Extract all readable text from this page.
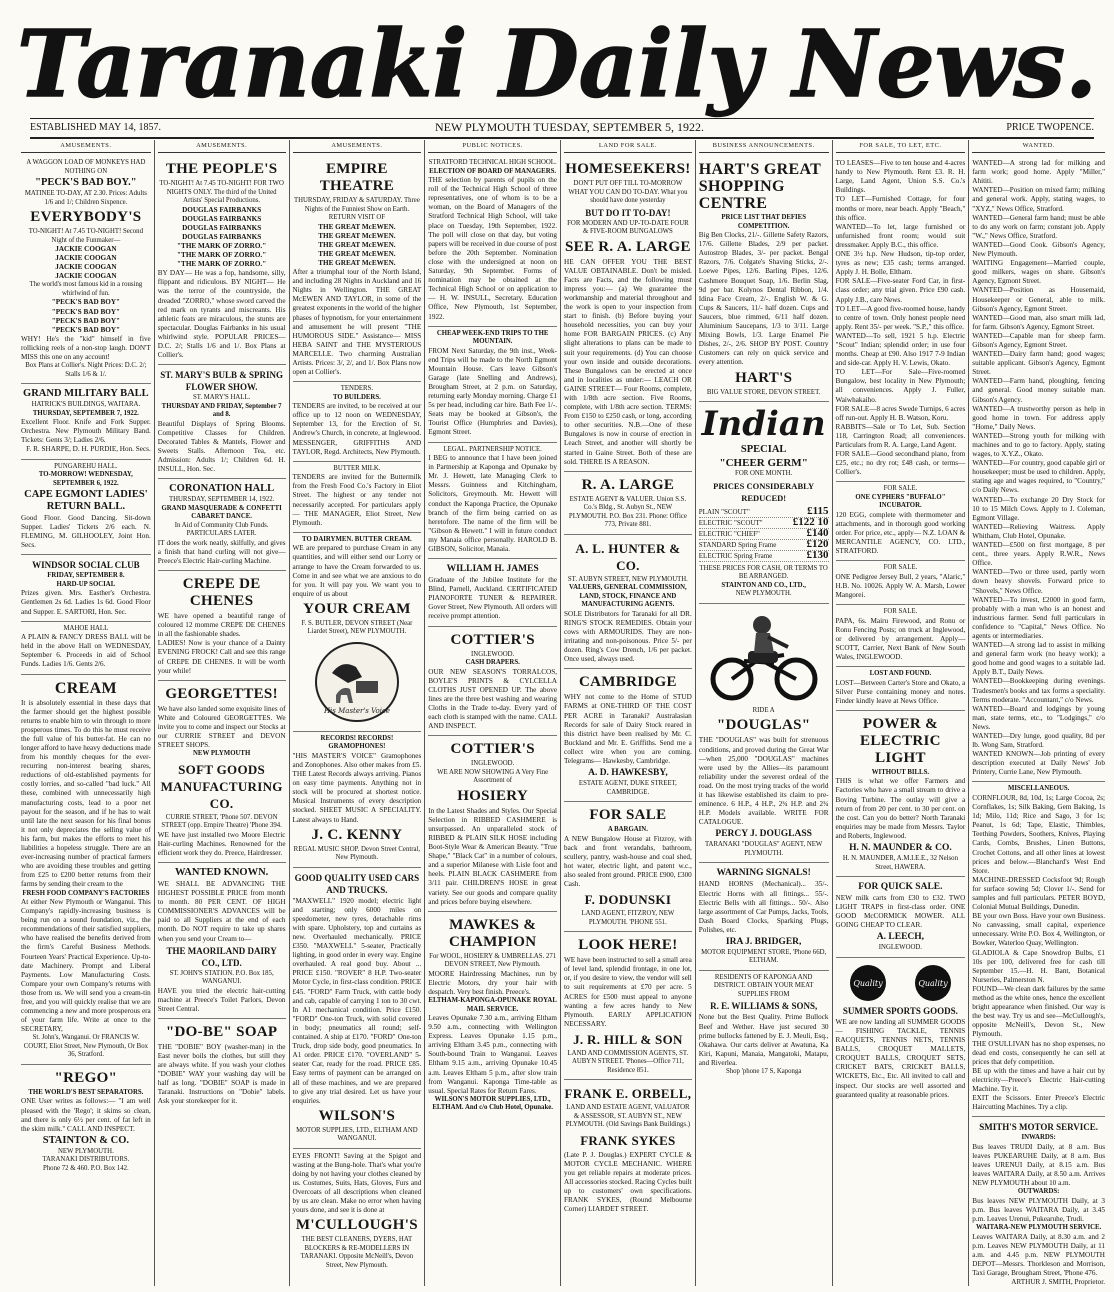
Taranaki Daily News.
ESTABLISHED MAY 14, 1857.	NEW PLYMOUTH TUESDAY, SEPTEMBER 5, 1922.	PRICE TWOPENCE.
AMUSEMENTS.
A WAGGON LOAD OF MONKEYS HAD NOTHING ON
"PECK'S BAD BOY."
MATINEE TO-DAY, AT 2.30. Prices: Adults 1/6 and 1/; Children Sixpence.
EVERYBODY'S
TO-NIGHT! At 7.45 TO-NIGHT! Second Night of the Funmaker—
JACKIE COOGAN
JACKIE COOGAN
JACKIE COOGAN
JACKIE COOGAN
The world's most famous kid in a rousing whirlwind of fun.
"PECK'S BAD BOY"
"PECK'S BAD BOY"
"PECK'S BAD BOY"
"PECK'S BAD BOY"
WHY! He's the "kid" himself in five rollicking reels of a non-stop laugh. DON'T MISS this one on any account!
Box Plans at Collier's. Night Prices: D.C. 2/; Stalls 1/6 & 1/.
GRAND MILITARY BALL
HATRICK'S BUILDINGS, WAITARA.
THURSDAY, SEPTEMBER 7, 1922.
Excellent Floor. Knife and Fork Supper. Orchestra. New Plymouth Military Band. Tickets: Gents 3/; Ladies 2/6.
F. R. SHARPE, D. H. PURDIE, Hon. Secs.
PUNGAREHU HALL.
TO-MORROW! WEDNESDAY, SEPTEMBER 6, 1922.
CAPE EGMONT LADIES' RETURN BALL.
Good Floor. Good Dancing. Sit-down Supper. Ladies' Tickets 2/6 each. N. FLEMING, M. GILHOOLEY, Joint Hon. Secs.
WINDSOR SOCIAL CLUB
FRIDAY, SEPTEMBER 8.
HARD-UP SOCIAL
Prizes given. Mrs. Easther's Orchestra. Gentlemen 2s 6d. Ladies 1s 6d. Good Floor and Supper. E. SARTORI, Hon. Sec.
MAHOE HALL
A PLAIN & FANCY DRESS BALL will be held in the above Hall on WEDNESDAY, September 6. Proceeds in aid of School Funds. Ladies 1/6. Gents 2/6.
CREAM
It is absolutely essential in these days that the farmer should get the highest possible returns to enable him to win through to more prosperous times. To do this he must receive the full value of his butter-fat. He can no longer afford to have heavy deductions made from his monthly cheques for the ever-recurring non-interest bearing shares, reductions of old-established payments for costly lorries, and so-called "bad luck." All these, combined with unnecessarily high manufacturing costs, lead to a poor net payout for the season, and if he has to wait until late the next season for his final bonus it not only depreciates the selling value of his farm, but makes the efforts to meet his liabilities a hopeless struggle. There are an ever-increasing number of practical farmers who are avoiding these troubles and getting from £25 to £200 better returns from their farms by sending their cream to the
FRESH FOOD COMPANY'S FACTORIES
At either New Plymouth or Wanganui. This Company's rapidly-increasing business is being run on a sound foundation, viz., the recommendations of their satisfied suppliers, who have realised the benefits derived from the firm's Careful Business Methods. Fourteen Years' Practical Experience. Up-to-date Machinery. Prompt and Liberal Payments. Low Manufacturing Costs. Compare your own Company's returns with those from us. We will send you a cream-tin free, and you will quickly realise that we are commencing a new and more prosperous era of your farm life. Write at once to the SECRETARY,
St. John's, Wanganui. Or FRANCIS W. COURT, Eliot Street, New Plymouth, Or Box 36, Stratford.
"REGO"
THE WORLD'S BEST SEPARATORS.
ONE User writes as follows:— "I am well pleased with the 'Rego'; it skims so clean, and there is only 6½ per cent. of fat left in the skim milk." CALL AND INSPECT.
STAINTON & CO.
NEW PLYMOUTH.
TARANAKI DISTRIBUTORS.
Phone 72 & 460. P.O. Box 142.
AMUSEMENTS.
THE PEOPLE'S
TO-NIGHT! At 7.45 TO-NIGHT! FOR TWO NIGHTS ONLY. The third of the United Artists' Special Productions.
DOUGLAS FAIRBANKS
DOUGLAS FAIRBANKS
DOUGLAS FAIRBANKS
DOUGLAS FAIRBANKS
"THE MARK OF ZORRO."
"THE MARK OF ZORRO."
"THE MARK OF ZORRO."
BY DAY— He was a fop, handsome, silly, flippant and ridiculous. BY NIGHT— He was the terror of the countryside, the dreaded "ZORRO," whose sword carved the red mark on tyrants and miscreants. His athletic feats are miraculous, the stunts are spectacular. Douglas Fairbanks in his usual whirlwind style. POPULAR PRICES—D.C. 2/; Stalls 1/6 and 1/. Box Plans at Collier's.
ST. MARY'S BULB & SPRING FLOWER SHOW.
ST. MARY'S HALL.
THURSDAY AND FRIDAY, September 7 and 8.
Beautiful Displays of Spring Blooms. Competitive Classes for Children. Decorated Tables & Mantels, Flower and Sweets Stalls. Afternoon Tea, etc. Admission: Adults 1/; Children 6d. H. INSULL, Hon. Sec.
CORONATION HALL
THURSDAY, SEPTEMBER 14, 1922.
GRAND MASQUERADE & CONFETTI CABARET DANCE.
In Aid of Community Club Funds. PARTICULARS LATER.
IT does the work neatly, skilfully, and gives a finish that hand curling will not give—Preece's Electric Hair-curling Machine.
CREPE DE CHENES
WE have opened a beautiful range of coloured 12 momme CREPE DE CHENES in all the fashionable shades.
LADIES! Now is your chance of a Dainty EVENING FROCK! Call and see this range of CREPE DE CHENES. It will be worth your while!
GEORGETTES!
We have also landed some exquisite lines of White and Coloured GEORGETTES. We invite you to come and inspect our Stocks at our CURRIE STREET and DEVON STREET SHOPS.
NEW PLYMOUTH
SOFT GOODS MANUFACTURING CO.
CURRIE STREET, 'Phone 507. DEVON STREET (opp. Empire Theatre) 'Phone 394.
WE have just installed two Moore Electric Hair-curling Machines. Renowned for the efficient work they do. Preece, Hairdresser.
WANTED KNOWN.
WE SHALL BE ADVANCING THE HIGHEST POSSIBLE PRICE from month to month. 80 PER CENT. OF HIGH COMMISSIONER'S ADVANCES will be paid to all Suppliers at the end of each month. Do NOT require to take up shares when you send your Cream to—
THE MAORILAND DAIRY CO., LTD.
ST. JOHN'S STATION. P.O. Box 185, WANGANUI.
HAVE you tried the electric hair-cutting machine at Preece's Toilet Parlors, Devon Street Central.
"DO-BE" SOAP
THE "DOBIE" BOY (washer-man) in the East never boils the clothes, but still they are always white. If you wash your clothes "DOBIE" WAY your washing day will be half as long. "DOBIE" SOAP is made in Taranaki. Instructions on "Dobie" labels. Ask your storekeeper for it.
AMUSEMENTS.
EMPIRE THEATRE
THURSDAY, FRIDAY & SATURDAY. Three Nights of the Funniest Show on Earth. RETURN VISIT OF
THE GREAT McEWEN.
THE GREAT McEWEN.
THE GREAT McEWEN.
THE GREAT McEWEN.
THE GREAT McEWEN.
After a triumphal tour of the North Island, and including 28 Nights in Auckland and 16 Nights in Wellington. THE GREAT McEWEN AND TAYLOR, in some of the greatest exponents in the world of the higher phases of hypnotism, for your entertainment and amusement he will present "THE HUMOROUS SIDE." Assistance— MISS HEBA SAINT and THE MYSTERIOUS MARCELLE. Two charming Australian Artists. Prices: 3/, 2/, and 1/. Box Plans now open at Collier's.
TENDERS.
TO BUILDERS.
TENDERS are invited, to be received at our office up to 12 noon on WEDNESDAY, September 13, for the Erection of St. Andrew's Church, in concrete, at Inglewood. MESSENGER, GRIFFITHS AND TAYLOR, Regd. Architects, New Plymouth.
BUTTER MILK.
TENDERS are invited for the Buttermilk from the Fresh Food Co.'s Factory in Eliot Street. The highest or any tender not necessarily accepted. For particulars apply— THE MANAGER, Eliot Street, New Plymouth.
TO DAIRYMEN. BUTTER CREAM.
WE are prepared to purchase Cream in any quantities, and will either send our Lorry or arrange to have the Cream forwarded to us. Come in and see what we are anxious to do for you. It will pay you. We want you to enquire of us about
YOUR CREAM
F. S. BUTLER, DEVON STREET (Near Liardet Street), NEW PLYMOUTH.
His Master's Voice
RECORDS! RECORDS! GRAMOPHONES!
"HIS MASTER'S VOICE" Gramophones and Zonophones. Also other makes from £5. THE Latest Records always arriving. Pianos on easy time payments. Anything not in stock will be procured at shortest notice. Musical Instruments of every description stocked. SHEET MUSIC A SPECIALITY. Latest always to Hand.
J. C. KENNY
REGAL MUSIC SHOP. Devon Street Central, New Plymouth.
GOOD QUALITY USED CARS AND TRUCKS.
"MAXWELL" 1920 model; electric light and starting; only 6000 miles on speedometer, new tyres, detachable rims with spare. Upholstery, top and curtains as new. Overhauled mechanically. PRICE £350. "MAXWELL" 5-seater, Practically lighting, in good order in every way. Engine overhauled. A real good buy. About ... PRICE £150. "ROVER" 8 H.P. Two-seater Motor Cycle, in first-class condition. PRICE £45. "FORD" Farm Truck, with cattle body and cab, capable of carrying 1 ton to 30 cwt. In A1 mechanical condition. Price £150. "FORD" One-ton Truck, with solid covered in body; pneumatics all round; self-contained. A ship at £170. "FORD" One-ton Truck, drop side body, good pneumatics. In A1 order. PRICE £170. "OVERLAND" 5-seater Car, ready for the road. PRICE £85. Easy terms of payment can be arranged on all of these machines, and we are prepared to give any trial desired. Let us have your enquiries.
WILSON'S
MOTOR SUPPLIES, LTD., ELTHAM AND WANGANUI.
EYES FRONT! Saving at the Spigot and wasting at the Bung-hole. That's what you're doing by not having your clothes cleaned by us. Costumes, Suits, Hats, Gloves, Furs and Overcoats of all descriptions when cleaned by us are clean. Make no error when having yours done, and see it is done at
M'CULLOUGH'S
THE BEST CLEANERS, DYERS, HAT BLOCKERS & RE-MODELLERS IN TARANAKI. Opposite McNeill's, Devon Street, New Plymouth.
PUBLIC NOTICES.
STRATFORD TECHNICAL HIGH SCHOOL.
ELECTION OF BOARD OF MANAGERS.
THE selection by parents of pupils on the roll of the Technical High School of three representatives, one of whom is to be a woman, on the Board of Managers of the Stratford Technical High School, will take place on Tuesday, 19th September, 1922. The poll will close on that day, but voting papers will be received in due course of post before the 20th September. Nomination close with the undersigned at noon on Saturday, 9th September. Forms of nomination may be obtained at the Technical High School or on application to— H. W. INSULL, Secretary. Education Office, New Plymouth, 1st September, 1922.
CHEAP WEEK-END TRIPS TO THE MOUNTAIN.
FROM Next Saturday, the 9th inst., Week-end Trips will be made to the North Egmont Mountain House. Cars leave Gibson's Garage (late Snelling and Andrews), Brougham Street, at 2 p.m. on Saturday, returning early Monday morning. Charge £1 5s per head, including car hire. Bath Fee 1/-. Seats may be booked at Gibson's, the Tourist Office (Humphries and Davies), Egmont Street.
LEGAL. PARTNERSHIP NOTICE.
I BEG to announce that I have been joined in Partnership at Kaponga and Opunake by Mr. J. Hewett, late Managing Clerk to Messrs. Guinness and Kitchingham, Solicitors, Greymouth. Mr. Hewett will conduct the Kaponga Practice, the Opunake branch of the firm being carried on as heretofore. The name of the firm will be "Gibson & Hewett." I will in future conduct my Manaia office personally. HAROLD B. GIBSON, Solicitor, Manaia.
WILLIAM H. JAMES
Graduate of the Jubilee Institute for the Blind, Parnell, Auckland. CERTIFICATED PIANOFORTE TUNER & REPAIRER. Gover Street, New Plymouth. All orders will receive prompt attention.
COTTIER'S
INGLEWOOD.
CASH DRAPERS.
OUR NEW SEASON'S TORRALCOS, BOYLE'S PRINTS & CYLCELLA CLOTHS JUST OPENED UP. The above lines are the three best washing and wearing Cloths in the Trade to-day. Every yard of each cloth is stamped with the name. CALL AND INSPECT.
COTTIER'S
INGLEWOOD.
WE ARE NOW SHOWING A Very Fine Assortment of
HOSIERY
In the Latest Shades and Styles. Our Special Selection in RIBBED CASHMERE is unsurpassed. An unparalleled stock of RIBBED & PLAIN SILK HOSE including Boot-Style Wear & American Beauty. "True Shape," "Black Cat" in a number of colours, and a superior Milanese with Lisle foot and heels. PLAIN BLACK CASHMERE from 3/11 pair. CHILDREN'S HOSE in great variety. See our goods and compare quality and prices before buying elsewhere.
MAWKES & CHAMPION
For WOOL, HOSIERY & UMBRELLAS. 271 DEVON STREET, New Plymouth.
MOORE Hairdressing Machines, run by Electric Motors, dry your hair with despatch. Very best finish. Preece's.
ELTHAM-KAPONGA-OPUNAKE ROYAL MAIL SERVICE.
Leaves Opunake 7.30 a.m., arriving Eltham 9.50 a.m., connecting with Wellington Express. Leaves Opunake 1.15 p.m., arriving Eltham 3.45 p.m., connecting with South-bound Train to Wanganui. Leaves Eltham 9.15 a.m., arriving Opunake 10.45 a.m. Leaves Eltham 5 p.m., after slow train from Wanganui. Kaponga Time-table as usual. Special Rates for Return Fares.
WILSON'S MOTOR SUPPLIES, LTD., ELTHAM. And c/o Club Hotel, Opunake.
LAND FOR SALE.
HOMESEEKERS!
DON'T PUT OFF TILL TO-MORROW WHAT YOU CAN DO TO-DAY. What you should have done yesterday
BUT DO IT TO-DAY!
FOR MODERN AND UP-TO-DATE FOUR & FIVE-ROOM BUNGALOWS
SEE R. A. LARGE
HE CAN OFFER YOU THE BEST VALUE OBTAINABLE. Don't be misled. Facts are Facts, and the following must impress you:— (a) We guarantee the workmanship and material throughout and the work is open to your inspection from start to finish. (b) Before buying your household necessities, you can buy your home FOR BARGAIN PRICES. (c) Any slight alterations to plans can be made to suit your requirements. (d) You can choose your own inside and outside decorations. These Bungalows can be erected at once and in localities as under:— LEACH OR GAINE STREET— Four Rooms, complete, with 1/8th acre section. Five Rooms, complete, with 1/8th acre section. TERMS: From £150 to £250 cash, or long, according to other securities. N.B.—One of these Bungalows is now in course of erection in Leach Street, and another will shortly be started in Gaine Street. Both of these are sold. THERE IS A REASON.
R. A. LARGE
ESTATE AGENT & VALUER. Union S.S. Co.'s Bldg., St. Aubyn St., NEW PLYMOUTH. P.O. Box 231. Phone: Office 773, Private 881.
A. L. HUNTER & CO.
ST. AUBYN STREET, NEW PLYMOUTH.
VALUERS, GENERAL COMMISSION, LAND, STOCK, FINANCE AND MANUFACTURING AGENTS.
SOLE Distributors for Taranaki for all DR. RING'S STOCK REMEDIES. Obtain your cows with ARMOURIDS. They are non-irritating and non-poisonous. Price 5/- per dozen. Ring's Cow Drench, 1/6 per packet. Once used, always used.
CAMBRIDGE
WHY not come to the Home of STUD FARMS at ONE-THIRD OF THE COST PER ACRE in Taranaki? Australasian Records for sale of Dairy Stock reared in this district have been realised by Mr. C. Buckland and Mr. E. Griffiths. Send me a collect wire when you are coming. Telegrams— Hawkesby, Cambridge.
A. D. HAWKESBY,
ESTATE AGENT, DUKE STREET, CAMBRIDGE.
FOR SALE
A BARGAIN.
A NEW Bungalow House at Fitzroy, with back and front verandahs, bathroom, scullery, pantry, wash-house and coal shed, hot water, electric light, and patent w.c., also sealed front ground. PRICE £900, £300 Cash.
F. DODUNSKI
LAND AGENT, FITZROY, NEW PLYMOUTH. 'PHONE 551.
LOOK HERE!
WE have been instructed to sell a small area of level land, splendid frontage, in one lot, or, if you desire to view, the vendor will sell to suit requirements at £70 per acre. 5 ACRES for £500 must appeal to anyone wanting a few acres handy to New Plymouth. EARLY APPLICATION NECESSARY.
J. R. HILL & SON
LAND AND COMMISSION AGENTS, ST. AUBYN STREET. 'Phones—Office 711, Residence 851.
FRANK E. ORBELL,
LAND AND ESTATE AGENT, VALUATOR & ASSESSOR, ST. AUBYN ST., NEW PLYMOUTH. (Old Savings Bank Buildings.)
FRANK SYKES
(Late P. J. Douglas.) EXPERT CYCLE & MOTOR CYCLE MECHANIC. WHERE you get reliable repairs at moderate prices. All accessories stocked. Racing Cycles built up to customers' own specifications. FRANK SYKES, (Round Melbourne Corner) LIARDET STREET.
BUSINESS ANNOUNCEMENTS.
HART'S GREAT SHOPPING CENTRE
PRICE LIST THAT DEFIES COMPETITION.
Big Ben Clocks, 21/-. Gillette Safety Razors, 17/6. Gillette Blades, 2/9 per packet. Autostrop Blades, 3/- per packet. Bengal Razors, 7/6. Colgate's Shaving Sticks, 2/-. Loewe Pipes, 12/6. Barling Pipes, 12/6. Cashmere Bouquet Soap, 1/6. Berlin Slag, 9d per bar. Kolynos Dental Ribbon, 1/4. Idina Face Cream, 2/-. English W. & G. Cups & Saucers, 11/- half dozen. Cups and Saucers, blue rimmed, 6/11 half dozen. Aluminium Saucepans, 1/3 to 3/11. Large Mixing Bowls, 1/3. Large Enamel Pie Dishes, 2/-, 2/6. SHOP BY POST. Country Customers can rely on quick service and every attention.
HART'S
BIG VALUE STORE, DEVON STREET.
Indian
SPECIAL
"CHEER GERM"
FOR ONE MONTH.
PRICES CONSIDERABLY REDUCED!
PLAIN "SCOUT"	£115
ELECTRIC "SCOUT"	£122 10
ELECTRIC "CHIEF"	£140
STANDARD Spring Frame	£120
ELECTRIC Spring Frame	£130
THESE PRICES FOR CASH, OR TERMS TO BE ARRANGED.
STAINTON AND CO., LTD.,
NEW PLYMOUTH.
RIDE A
"DOUGLAS"
THE "DOUGLAS" was built for strenuous conditions, and proved during the Great War—when 25,000 "DOUGLAS" machines were used by the Allies—its paramount reliability under the severest ordeal of the road. On the most trying tracks of the world it has likewise established its claim to pre-eminence. 6 H.P., 4 H.P., 2¾ H.P. and 2¾ H.P. Models available. WRITE FOR CATALOGUE.
PERCY J. DOUGLASS
TARANAKI "DOUGLAS" AGENT, NEW PLYMOUTH.
WARNING SIGNALS!
HAND HORNS (Mechanical)... 35/-. Electric Horns with all fittings... 55/-. Electric Bells with all fittings... 50/-. Also large assortment of Car Pumps, Jacks, Tools, Dash Board Clocks, Sparking Plugs, Polishes, etc.
IRA J. BRIDGER,
MOTOR EQUIPMENT STORE, 'Phone 66D, ELTHAM.
RESIDENTS OF KAPONGA AND DISTRICT. OBTAIN YOUR MEAT SUPPLIES FROM
R. E. WILLIAMS & SONS,
None but the Best Quality. Prime Bullock Beef and Wether. Have just secured 30 prime bullocks fattened by E. J. Meuli, Esq., Okahawa. Our carts deliver at Awatuna, Ka Kiri, Kapuni, Manaia, Mangatoki, Matapu, and Riverlea.
Shop 'phone 17 S, Kaponga
FOR SALE, TO LET, ETC.
TO LEASES—Five to ten house and 4-acres handy to New Plymouth. Rent £3. R. H. Large, Land Agent, Union S.S. Co.'s Buildings.
TO LET—Furnished Cottage, for four months or more, near beach. Apply "Beach," this office.
WANTED—To let, large furnished or unfurnished front room; would suit dressmaker. Apply B.C., this office.
ONE 3½ h.p. New Hudson, tip-top order, tyres as new; £35 cash; terms arranged. Apply J. H. Bolle, Eltham.
FOR SALE—Five-seater Ford Car, in first-class order; any trial given. Price £90 cash. Apply J.B., care News.
TO LET—A good five-roomed house, handy to centre of town. Only honest people need apply. Rent 35/- per week. "S.P.," this office.
WANTED—To sell, 1921 5 h.p. Electric "Scout" Indian; splendid order; in use four months. Cheap at £90. Also 1917 7-9 Indian and side-car. Apply H. V. Lewis, Okato.
TO LET—For Sale—Five-roomed Bungalow, best locality in New Plymouth; all conveniences. Apply J. Fuller, Waiwhakaiho.
FOR SALE—8 acres Swede Turnips, 6 acres off run-out. Apply H. B. Watson, Koru.
RABBITS—Sale or To Let, Sub. Section 118, Carrington Road; all conveniences. Particulars from R. A. Large, Land Agent.
FOR SALE—Good secondhand piano, from £25, etc.; no dry rot; £48 cash, or terms—Collier's.
FOR SALE.
ONE CYPHERS "BUFFALO" INCUBATOR.
120 EGG, complete with thermometer and attachments, and in thorough good working order. For price, etc., apply— N.Z. LOAN & MERCANTILE AGENCY, CO. LTD., STRATFORD.
FOR SALE.
ONE Pedigree Jersey Bull, 2 years, "Alaric," H.B. No. 10026. Apply W. A. Marsh, Lower Mangorei.
FOR SALE.
PAPA, 6s. Mairu Firewood, and Ronu or Ronu Fencing Posts; on truck at Inglewood, or delivered by arrangement. Apply— SCOTT, Carrier, Next Bank of New South Wales, INGLEWOOD.
LOST AND FOUND.
LOST—Between Carter's Store and Okato, a Silver Purse containing money and notes. Finder kindly leave at News Office.
POWER & ELECTRIC LIGHT
WITHOUT BILLS.
THIS is what we offer Farmers and Factories who have a small stream to drive a Boving Turbine. The outlay will give a return of from 20 per cent. to 30 per cent. on the cost. Can you do better? North Taranaki enquiries may be made from Messrs. Taylor and Roberts, Inglewood.
H. N. MAUNDER & CO.
H. N. MAUNDER, A.M.I.E.E., 32 Nelson Street, HAWERA.
FOR QUICK SALE.
NEW milk carts from £30 to £32. TWO LIGHT TRAPS in first-class order. ONE GOOD McCORMICK MOWER. ALL GOING CHEAP TO CLEAR.
A. LEECH,
INGLEWOOD.
Quality	Quality
SUMMER SPORTS GOODS.
WE are now landing all SUMMER GOODS— FISHING TACKLE, TENNIS RACQUETS, TENNIS NETS, TENNIS BALLS, CROQUET MALLETS, CROQUET BALLS, CROQUET SETS, CRICKET BATS, CRICKET BALLS, WICKETS, Etc., Etc. All invited to call and inspect. Our stocks are well assorted and guaranteed quality at reasonable prices.
WANTED.
WANTED—A strong lad for milking and farm work; good home. Apply "Miller," Ahititi.
WANTED—Position on mixed farm; milking and general work. Apply, stating wages, to "XYZ," News Office, Stratford.
WANTED—General farm hand; must be able to do any work on farm; constant job. Apply "W.," News Office, Stratford.
WANTED—Good Cook. Gibson's Agency, New Plymouth.
WAITING Engagement—Married couple, good milkers, wages on share. Gibson's Agency, Egmont Street.
WANTED—Position as Housemaid, Housekeeper or General, able to milk. Gibson's Agency, Egmont Street.
WANTED—Good man, also smart milk lad, for farm. Gibson's Agency, Egmont Street.
WANTED—Capable man for sheep farm. Gibson's Agency, Egmont Street.
WANTED—Dairy farm hand; good wages; suitable applicant. Gibson's Agency, Egmont Street.
WANTED—Farm hand, ploughing, fencing and general. Good money suitable man. Gibson's Agency.
WANTED—A trustworthy person as help in good home in town. For address apply "Home," Daily News.
WANTED—Strong youth for milking with machines and to go to factory. Apply, stating wages, to X.Y.Z., Okato.
WANTED—For country, good capable girl or housekeeper; must be used to children. Apply, stating age and wages required, to "Country," c/o Daily News.
WANTED—To exchange 20 Dry Stock for 10 to 15 Milch Cows. Apply to J. Coleman, Egmont Village.
WANTED—Relieving Waitress. Apply Whitham, Club Hotel, Opunake.
WANTED—£500 on first mortgage, 8 per cent., three years. Apply R.W.R., News Office.
WANTED—Two or three used, partly worn down heavy shovels. Forward price to "Shovels," News Office.
WANTED—To invest, £2000 in good farm, probably with a man who is an honest and industrious farmer. Send full particulars in confidence to "Capital," News Office. No agents or intermediaries.
WANTED—A strong lad to assist in milking and general farm work (no heavy work); a good home and good wages to a suitable lad. Apply B.T., Daily News.
WANTED—Bookkeeping during evenings. Tradesmen's books and tax forms a speciality. Terms moderate. "Accountant," c/o News.
WANTED—Board and lodgings by young man, state terms, etc., to "Lodgings," c/o News.
WANTED—Dry lunge, good quality, 8d per lb. Wong Sam, Stratford.
WANTED KNOWN—Job printing of every description executed at Daily News' Job Printery, Currie Lane, New Plymouth.
MISCELLANEOUS.
CORNFLOUR, 8d, 10d, 1s; Large Cocoa, 2s; Cornflakes, 1s; Silk Baking, Gem Baking, 1s 1d; Milo, 11d; Rice and Sago, 3 for 1s; Peanut, 1s 6d; Tape, Elastic, Thimbles, Teething Powders, Soothers, Knives, Playing Cards, Combs, Brushes, Linen Buttons, Crochet Cottons, and all other lines at lowest prices and below.—Blanchard's West End Store.
MACHINE-DRESSED Cocksfoot 9d; Rough for surface sowing 5d; Clover 1/-. Send for samples and full particulars. PETER BOYD, Colonial Mutual Buildings, Dunedin.
BE your own Boss. Have your own Business. No canvassing, small capital, experience unnecessary. Write P.O. Box 4, Wellington, or Bowker, Waterloo Quay, Wellington.
GLADIOLA & Cape Snowdrop Bulbs, £1 10s per 100, delivered free for cash till September 15.—H. H. Bant, Botanical Nurseries, Palmerston N.
FOUND—We clean dark failures by the same method as the white ones, hence the excellent bright appearance when finished. Our way is the best way. Try us and see—McCullough's, opposite McNeill's, Devon St., New Plymouth.
THE O'SULLIVAN has no shop expenses, no dead end costs, consequently he can sell at prices that defy competition.
BE up with the times and have a hair cut by electricity—Preece's Electric Hair-cutting Machine. Try it.
EXIT the Scissors. Enter Preece's Electric Haircutting Machines. Try a clip.
SMITH'S MOTOR SERVICE.
INWARDS:
Bus leaves TRUDI Daily, at 8 a.m. Bus leaves PUKEARUHE Daily, at 8 a.m. Bus leaves URENUI Daily, at 8.15 a.m. Bus leaves WAITARA Daily, at 8.50 a.m. Arrives NEW PLYMOUTH about 10 a.m.
OUTWARDS:
Bus leaves NEW PLYMOUTH Daily, at 3 p.m. Bus leaves WAITARA Daily, at 3.45 p.m. Leaves Urenui, Pukearuhe, Trudi.
WAITARA-NEW PLYMOUTH SERVICE.
Leaves WAITARA Daily, at 8.30 a.m. and 2 p.m. Leaves NEW PLYMOUTH Daily, at 11 a.m. and 4.45 p.m. NEW PLYMOUTH DEPOT—Messrs. Thorkleson and Morrison, Taxi Garage, Brougham Street, 'Phone 476.
ARTHUR J. SMITH, Proprietor.
